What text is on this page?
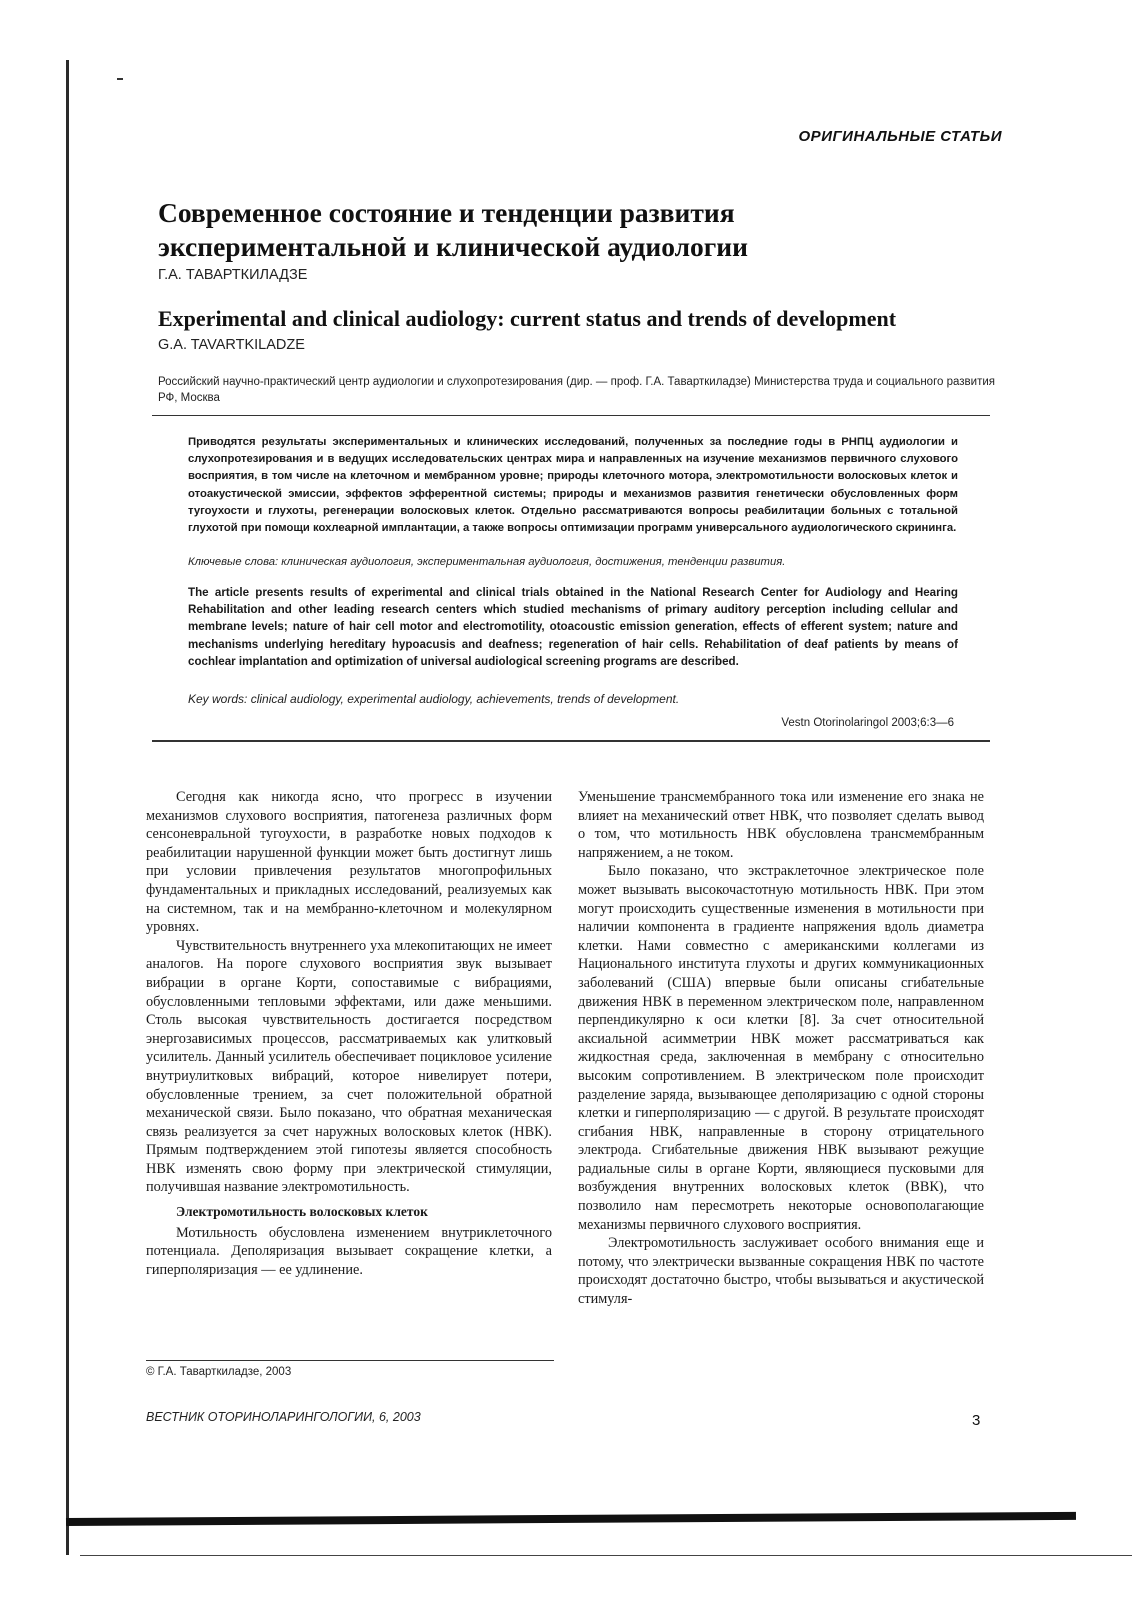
ОРИГИНАЛЬНЫЕ СТАТЬИ
Современное состояние и тенденции развития
экспериментальной и клинической аудиологии
Г.А. ТАВАРТКИЛАДЗЕ
Experimental and clinical audiology: current status and trends of development
G.A. TAVARTKILADZE
Российский научно-практический центр аудиологии и слухопротезирования (дир. — проф. Г.А. Таварткиладзе) Министерства труда и социального развития РФ, Москва
Приводятся результаты экспериментальных и клинических исследований, полученных за последние годы в РНПЦ аудиологии и слухопротезирования и в ведущих исследовательских центрах мира и направленных на изучение механизмов первичного слухового восприятия, в том числе на клеточном и мембранном уровне; природы клеточного мотора, электромотильности волосковых клеток и отоакустической эмиссии, эффектов эфферентной системы; природы и механизмов развития генетически обусловленных форм тугоухости и глухоты, регенерации волосковых клеток. Отдельно рассматриваются вопросы реабилитации больных с тотальной глухотой при помощи кохлеарной имплантации, а также вопросы оптимизации программ универсального аудиологического скрининга.
Ключевые слова: клиническая аудиология, экспериментальная аудиология, достижения, тенденции развития.
The article presents results of experimental and clinical trials obtained in the National Research Center for Audiology and Hearing Rehabilitation and other leading research centers which studied mechanisms of primary auditory perception including cellular and membrane levels; nature of hair cell motor and electromotility, otoacoustic emission generation, effects of efferent system; nature and mechanisms underlying hereditary hypoacusis and deafness; regeneration of hair cells. Rehabilitation of deaf patients by means of cochlear implantation and optimization of universal audiological screening programs are described.
Key words: clinical audiology, experimental audiology, achievements, trends of development.
Vestn Otorinolaringol 2003;6:3—6

Сегодня как никогда ясно, что прогресс в изучении механизмов слухового восприятия, патогенеза различных форм сенсоневральной тугоухости, в разработке новых подходов к реабилитации нарушенной функции может быть достигнут лишь при условии привлечения результатов многопрофильных фундаментальных и прикладных исследований, реализуемых как на системном, так и на мембранно-клеточном и молекулярном уровнях.

Чувствительность внутреннего уха млекопитающих не имеет аналогов. На пороге слухового восприятия звук вызывает вибрации в органе Корти, сопоставимые с вибрациями, обусловленными тепловыми эффектами, или даже меньшими. Столь высокая чувствительность достигается посредством энергозависимых процессов, рассматриваемых как улитковый усилитель. Данный усилитель обеспечивает поцикловое усиление внутриулитковых вибраций, которое нивелирует потери, обусловленные трением, за счет положительной обратной механической связи. Было показано, что обратная механическая связь реализуется за счет наружных волосковых клеток (НВК). Прямым подтверждением этой гипотезы является способность НВК изменять свою форму при электрической стимуляции, получившая название электромотильность.

Электромотильность волосковых клеток

Мотильность обусловлена изменением внутриклеточного потенциала. Деполяризация вызывает сокращение клетки, а гиперполяризация — ее удлинение.

Уменьшение трансмембранного тока или изменение его знака не влияет на механический ответ НВК, что позволяет сделать вывод о том, что мотильность НВК обусловлена трансмембранным напряжением, а не током.

Было показано, что экстраклеточное электрическое поле может вызывать высокочастотную мотильность НВК. При этом могут происходить существенные изменения в мотильности при наличии компонента в градиенте напряжения вдоль диаметра клетки. Нами совместно с американскими коллегами из Национального института глухоты и других коммуникационных заболеваний (США) впервые были описаны сгибательные движения НВК в переменном электрическом поле, направленном перпендикулярно к оси клетки [8]. За счет относительной аксиальной асимметрии НВК может рассматриваться как жидкостная среда, заключенная в мембрану с относительно высоким сопротивлением. В электрическом поле происходит разделение заряда, вызывающее деполяризацию с одной стороны клетки и гиперполяризацию — с другой. В результате происходят сгибания НВК, направленные в сторону отрицательного электрода. Сгибательные движения НВК вызывают режущие радиальные силы в органе Корти, являющиеся пусковыми для возбуждения внутренних волосковых клеток (ВВК), что позволило нам пересмотреть некоторые основополагающие механизмы первичного слухового восприятия.

Электромотильность заслуживает особого внимания еще и потому, что электрически вызванные сокращения НВК по частоте происходят достаточно быстро, чтобы вызываться и акустической стимуля-

© Г.А. Таварткиладзе, 2003
ВЕСТНИК ОТОРИНОЛАРИНГОЛОГИИ, 6, 2003	3
